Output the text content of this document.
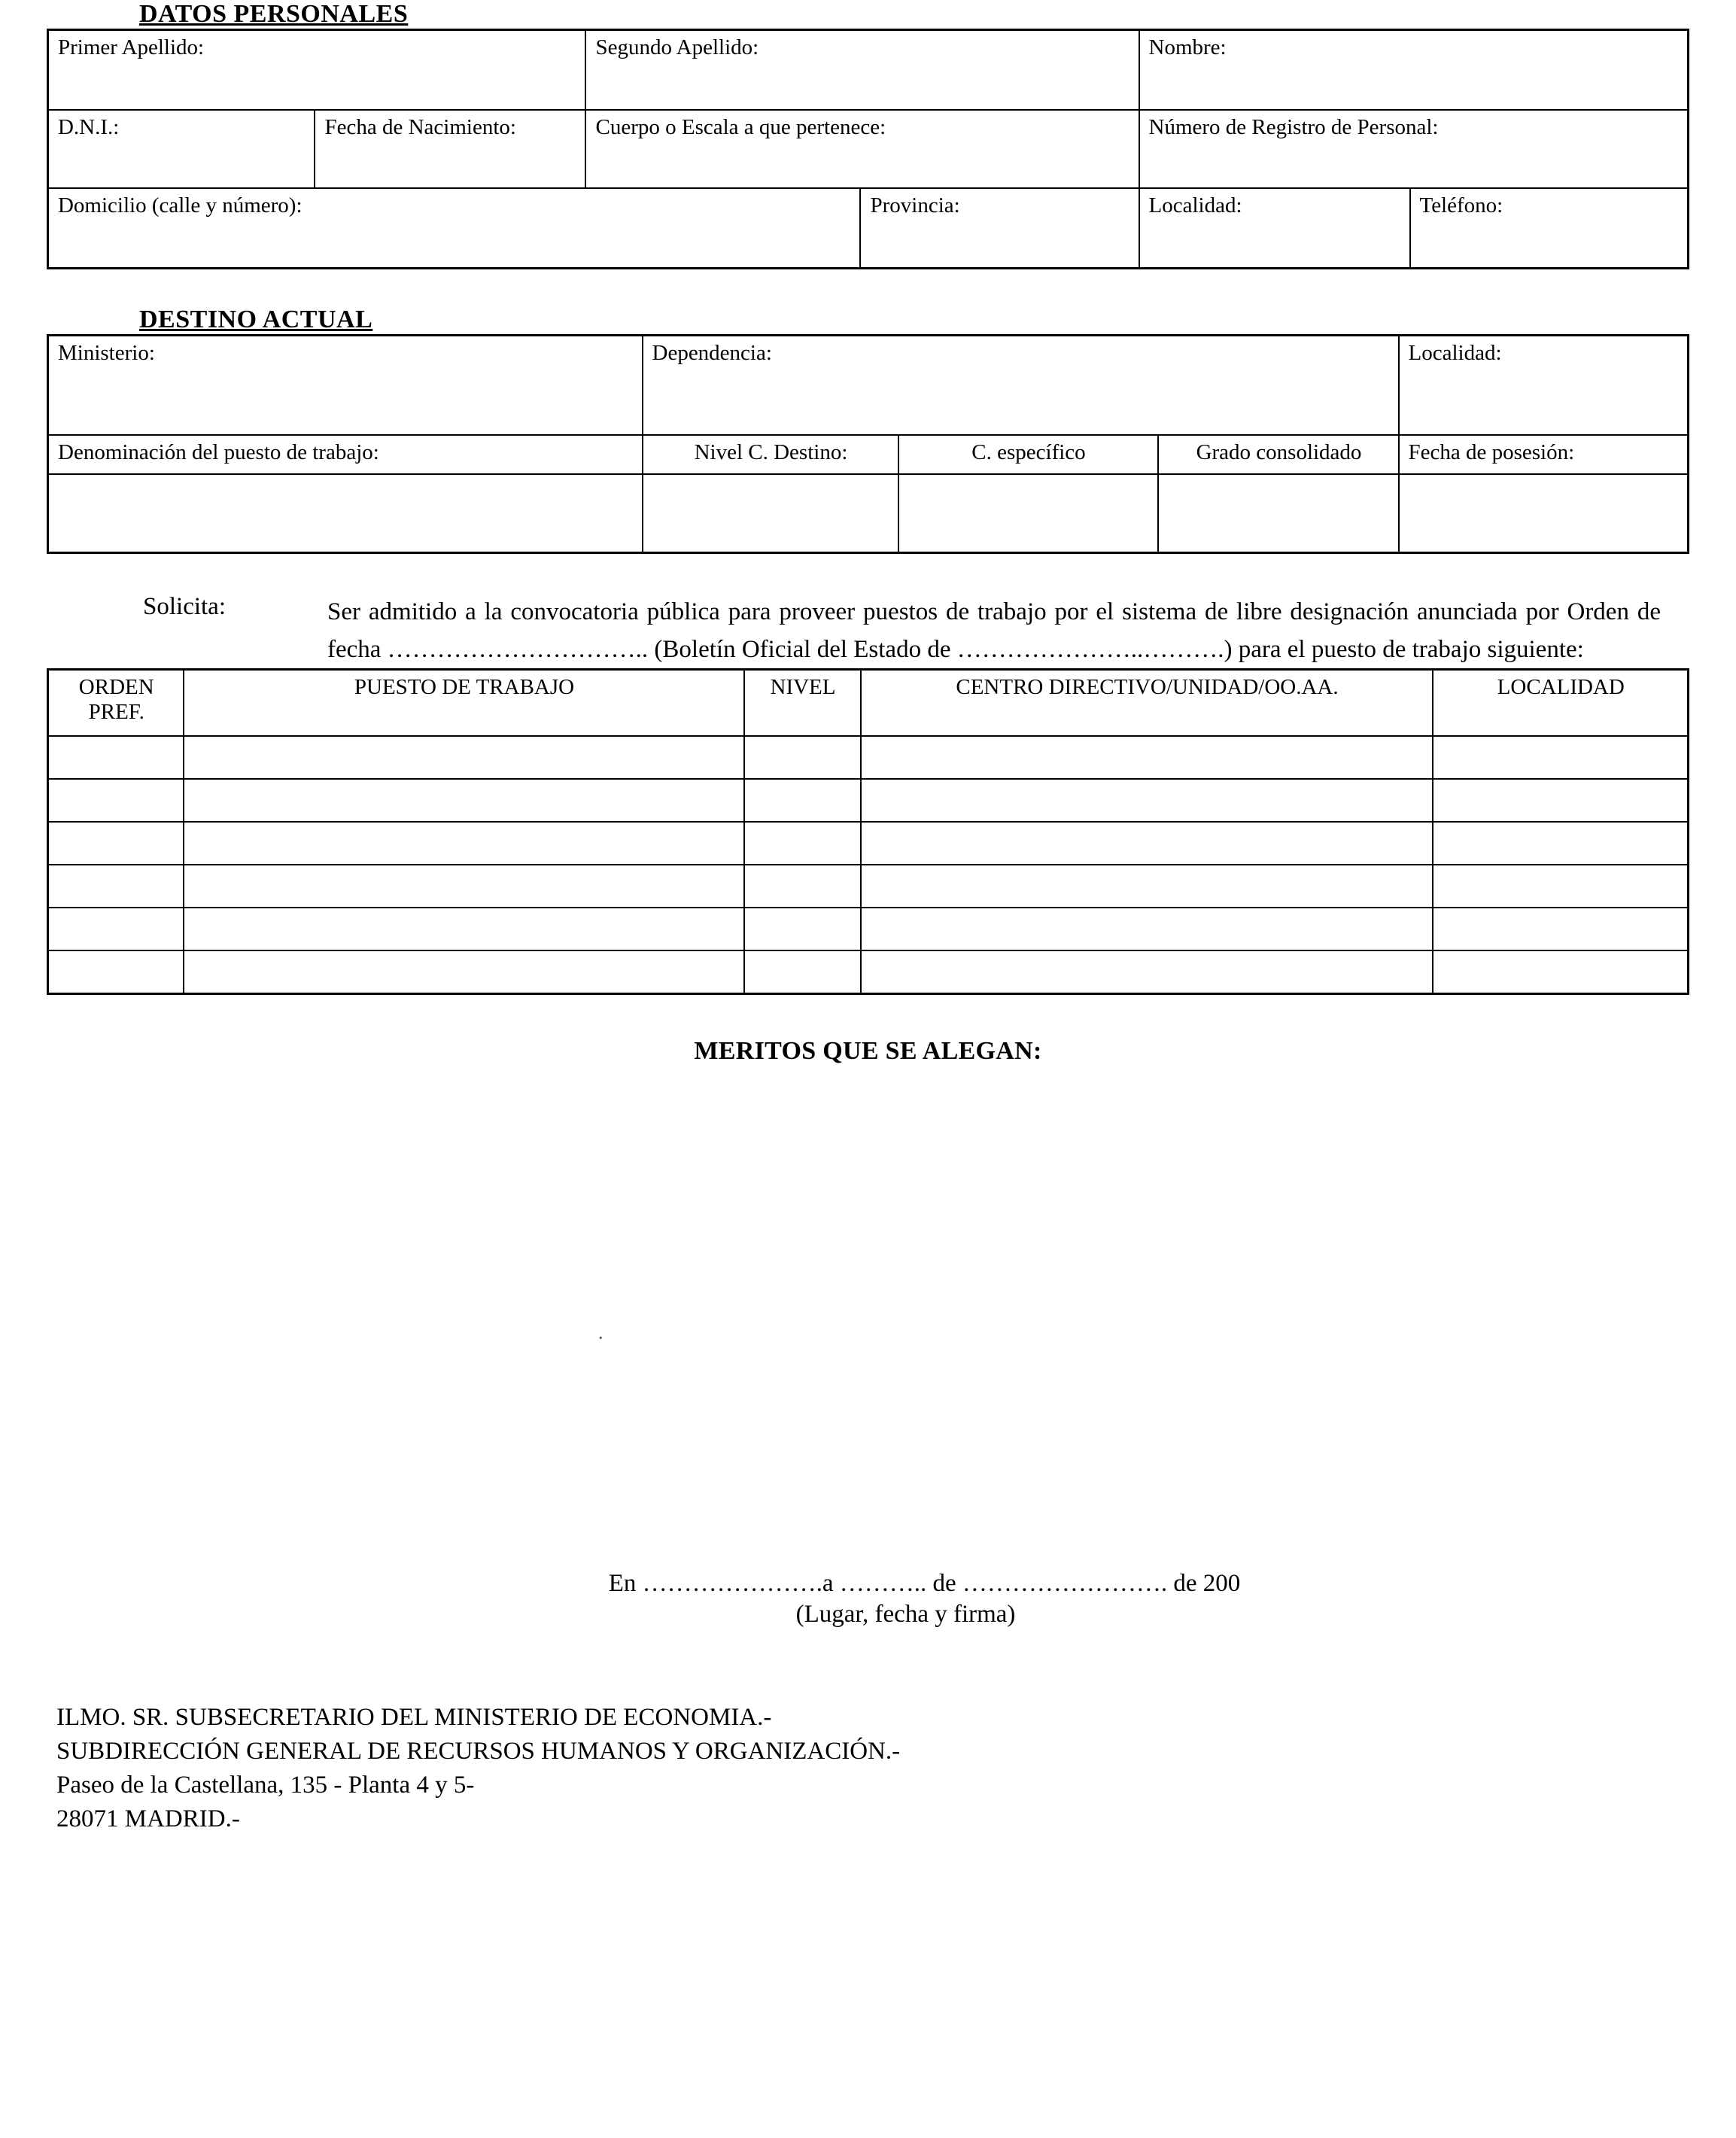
DATOS PERSONALES
Primer Apellido:		Segundo Apellido:		Nombre:	

D.N.I.:	Fecha de Nacimiento:	Cuerpo o Escala a que pertenece:		Número de Registro de Personal:	

Domicilio (calle y número):			Provincia:	Localidad:	Teléfono:
DESTINO ACTUAL
Ministerio:	Dependencia:			Localidad:

Denominación del puesto de trabajo:	Nivel C. Destino:	C. específico	Grado consolidado	Fecha de posesión:

Solicita:	Ser admitido a la convocatoria pública para proveer puestos de trabajo por el sistema de libre designación anunciada por Orden de fecha ………………………….. (Boletín Oficial del Estado de …………………..……….) para el puesto de trabajo siguiente:
ORDEN
PREF.	PUESTO DE TRABAJO	NIVEL	CENTRO DIRECTIVO/UNIDAD/OO.AA.	LOCALIDAD

MERITOS QUE SE ALEGAN:
.
En ………………….a ……….. de ……………………. de 200
(Lugar, fecha y firma)
ILMO. SR. SUBSECRETARIO DEL MINISTERIO DE ECONOMIA.-
SUBDIRECCIÓN GENERAL DE RECURSOS HUMANOS Y ORGANIZACIÓN.-
Paseo de la Castellana, 135 - Planta 4 y 5-
28071 MADRID.-
